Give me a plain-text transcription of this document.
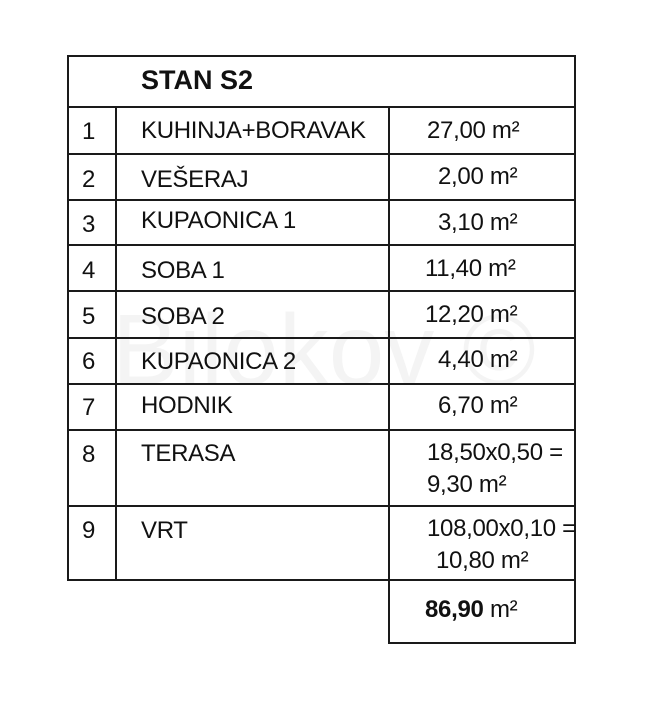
STAN S2
1 KUHINJA+BORAVAK	27,00 m²
2 VEŠERAJ	2,00 m²
3 KUPAONICA 1	3,10 m²
4 SOBA 1	11,40 m²
5 SOBA 2	12,20 m²
6 KUPAONICA 2	4,40 m²
7 HODNIK	6,70 m²
8 TERASA	18,50x0,50 =
9,30 m²
9 VRT	108,00x0,10 =
10,80 m²
86,90 m²
